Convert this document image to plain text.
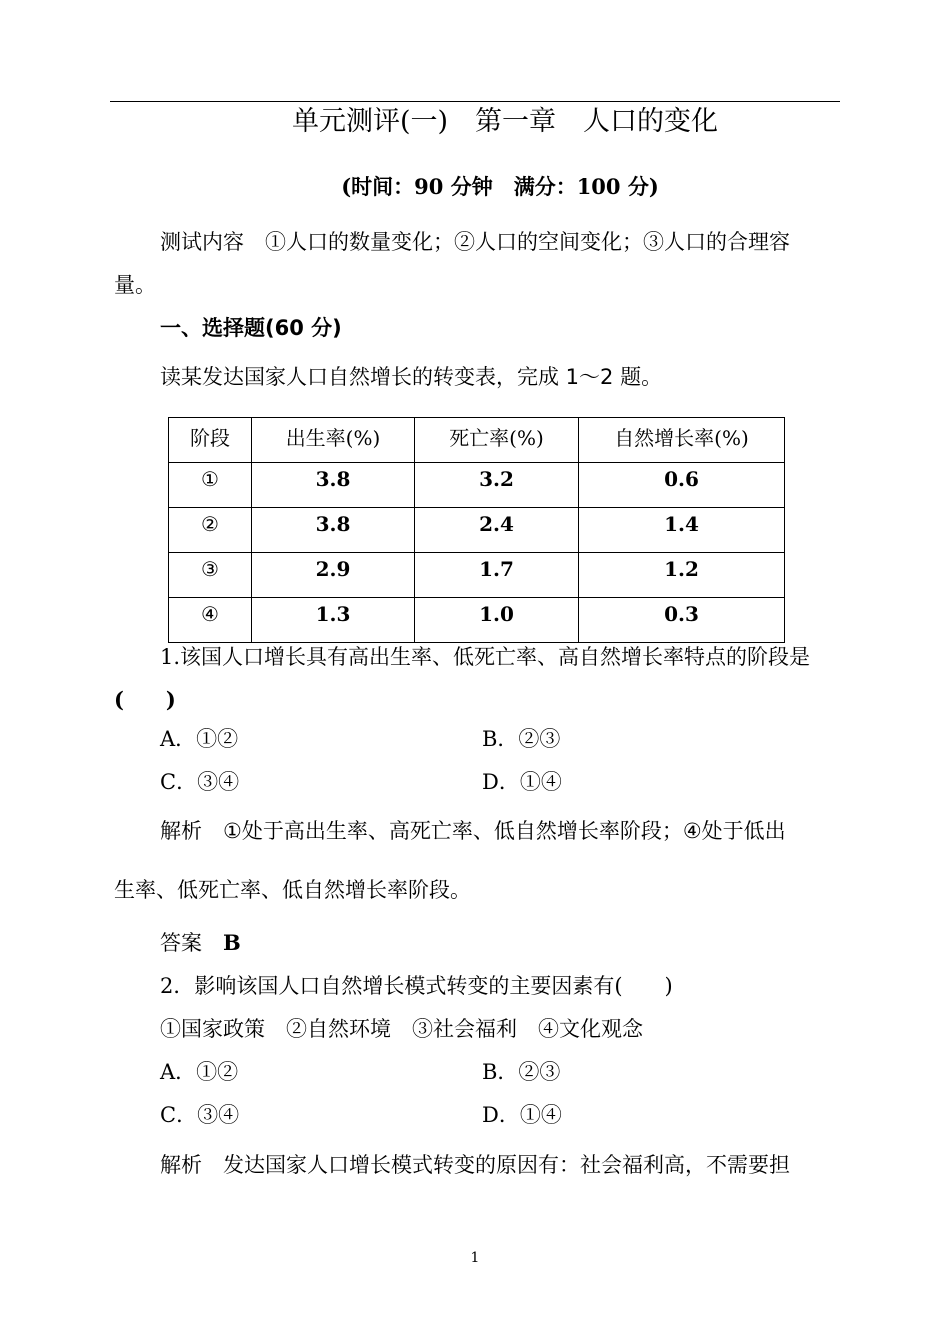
单元测评(一)　第一章　人口的变化
(时间：90 分钟　满分：100 分)
测试内容　 ①人口的数量变化；②人口的空间变化；③人口的合理容
量。
一、选择题(60 分)
读某发达国家人口自然增长的转变表，完成 1～2 题。
阶段	出生率(%)	死亡率(%)	自然增长率(%)
①	3.8	3.2	0.6
②	3.8	2.4	1.4
③	2.9	1.7	1.2
④	1.3	1.0	0.3
1.该国人口增长具有高出生率、低死亡率、高自然增长率特点的阶段是
(　　)
A．①②	B．②③
C．③④	D．①④
解析　 ①处于高出生率、高死亡率、低自然增长率阶段；④处于低出
生率、低死亡率、低自然增长率阶段。
答案　 B
2．影响该国人口自然增长模式转变的主要因素有(　　)
①国家政策　②自然环境　③社会福利　④文化观念
A．①②	B．②③
C．③④	D．①④
解析　 发达国家人口增长模式转变的原因有：社会福利高，不需要担
1
